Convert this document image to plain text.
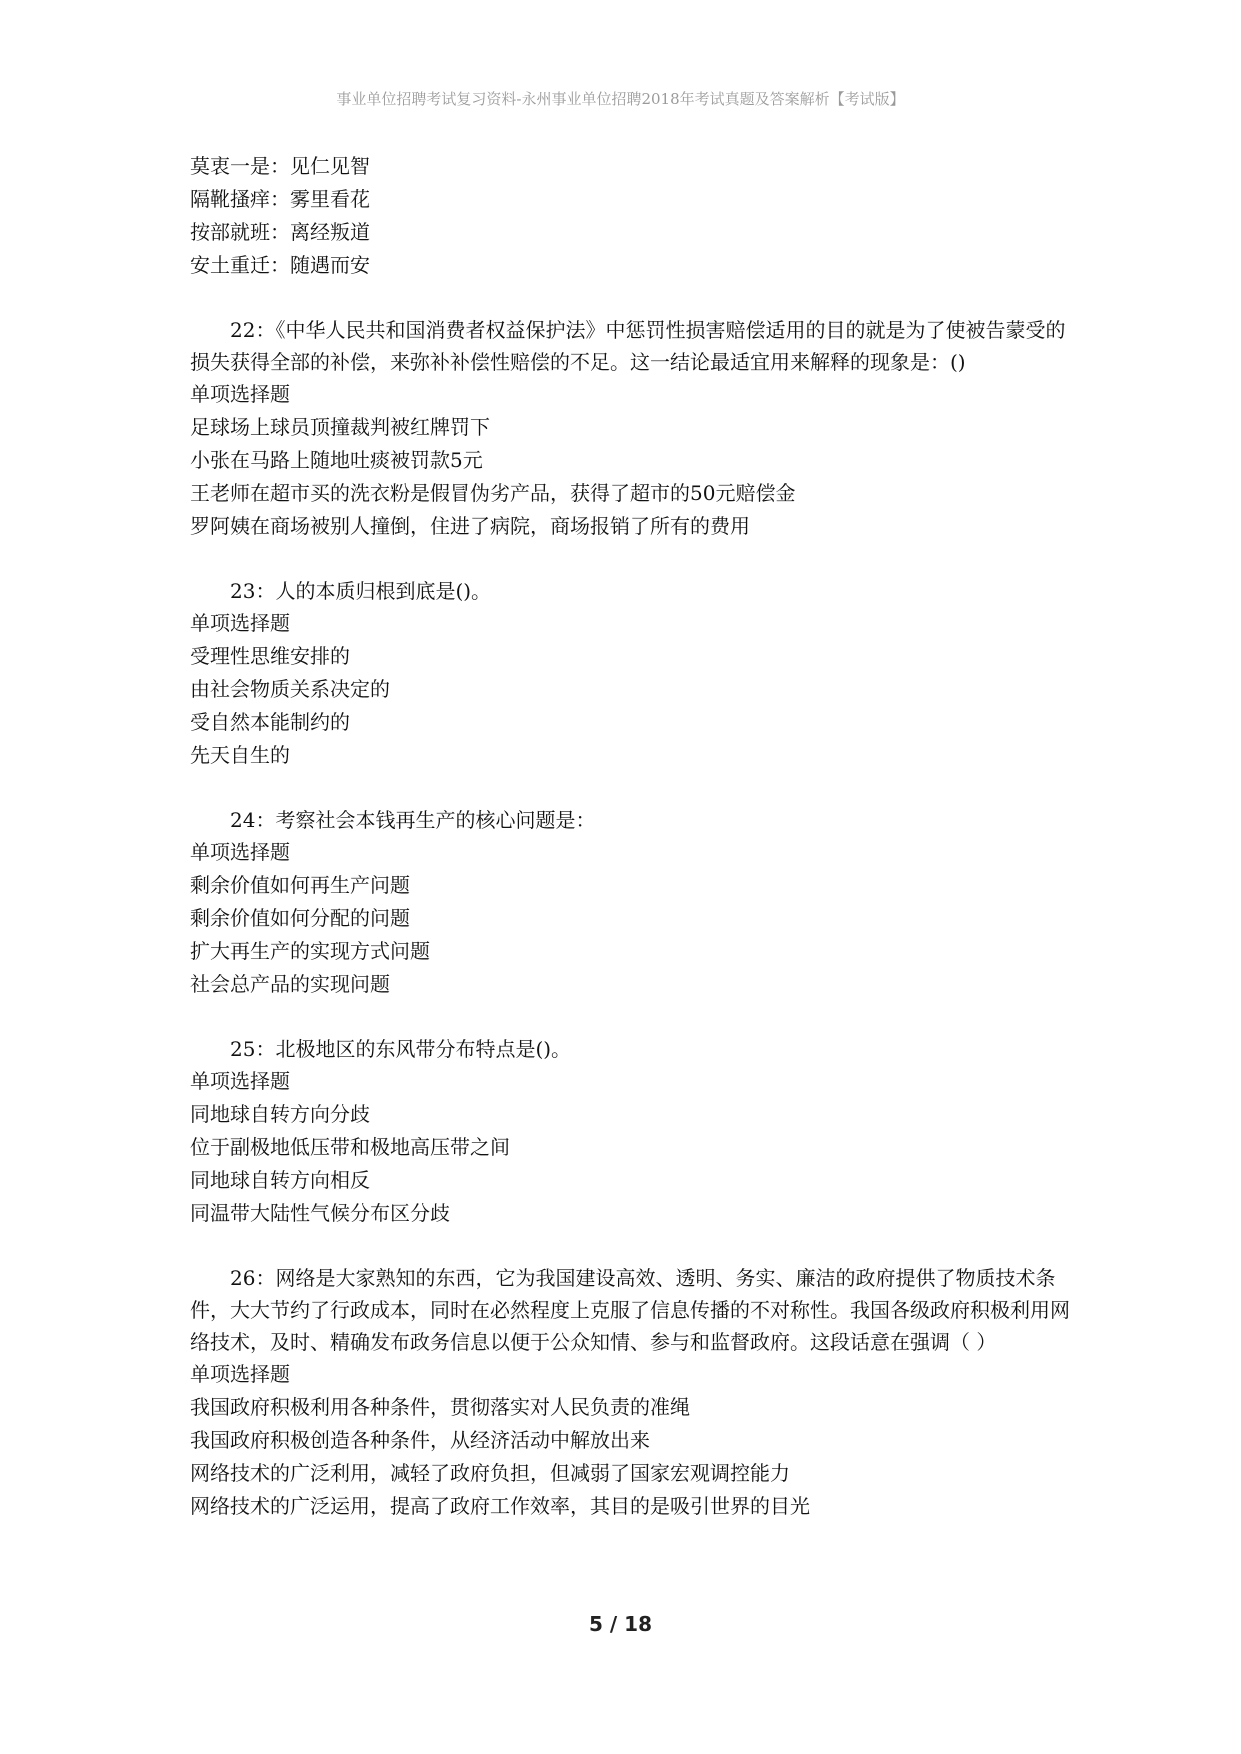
事业单位招聘考试复习资料-永州事业单位招聘2018年考试真题及答案解析【考试版】
莫衷一是：见仁见智
隔靴搔痒：雾里看花
按部就班：离经叛道
安土重迁：随遇而安
22：《中华人民共和国消费者权益保护法》中惩罚性损害赔偿适用的目的就是为了使被告蒙受的损失获得全部的补偿，来弥补补偿性赔偿的不足。这一结论最适宜用来解释的现象是：()
单项选择题
足球场上球员顶撞裁判被红牌罚下
小张在马路上随地吐痰被罚款5元
王老师在超市买的洗衣粉是假冒伪劣产品，获得了超市的50元赔偿金
罗阿姨在商场被别人撞倒，住进了病院，商场报销了所有的费用
23：人的本质归根到底是()。
单项选择题
受理性思维安排的
由社会物质关系决定的
受自然本能制约的
先天自生的
24：考察社会本钱再生产的核心问题是：
单项选择题
剩余价值如何再生产问题
剩余价值如何分配的问题
扩大再生产的实现方式问题
社会总产品的实现问题
25：北极地区的东风带分布特点是()。
单项选择题
同地球自转方向分歧
位于副极地低压带和极地高压带之间
同地球自转方向相反
同温带大陆性气候分布区分歧
26：网络是大家熟知的东西，它为我国建设高效、透明、务实、廉洁的政府提供了物质技术条件，大大节约了行政成本，同时在必然程度上克服了信息传播的不对称性。我国各级政府积极利用网络技术，及时、精确发布政务信息以便于公众知情、参与和监督政府。这段话意在强调（ ）
单项选择题
我国政府积极利用各种条件，贯彻落实对人民负责的准绳
我国政府积极创造各种条件，从经济活动中解放出来
网络技术的广泛利用，减轻了政府负担，但减弱了国家宏观调控能力
网络技术的广泛运用，提高了政府工作效率，其目的是吸引世界的目光
5 / 18
